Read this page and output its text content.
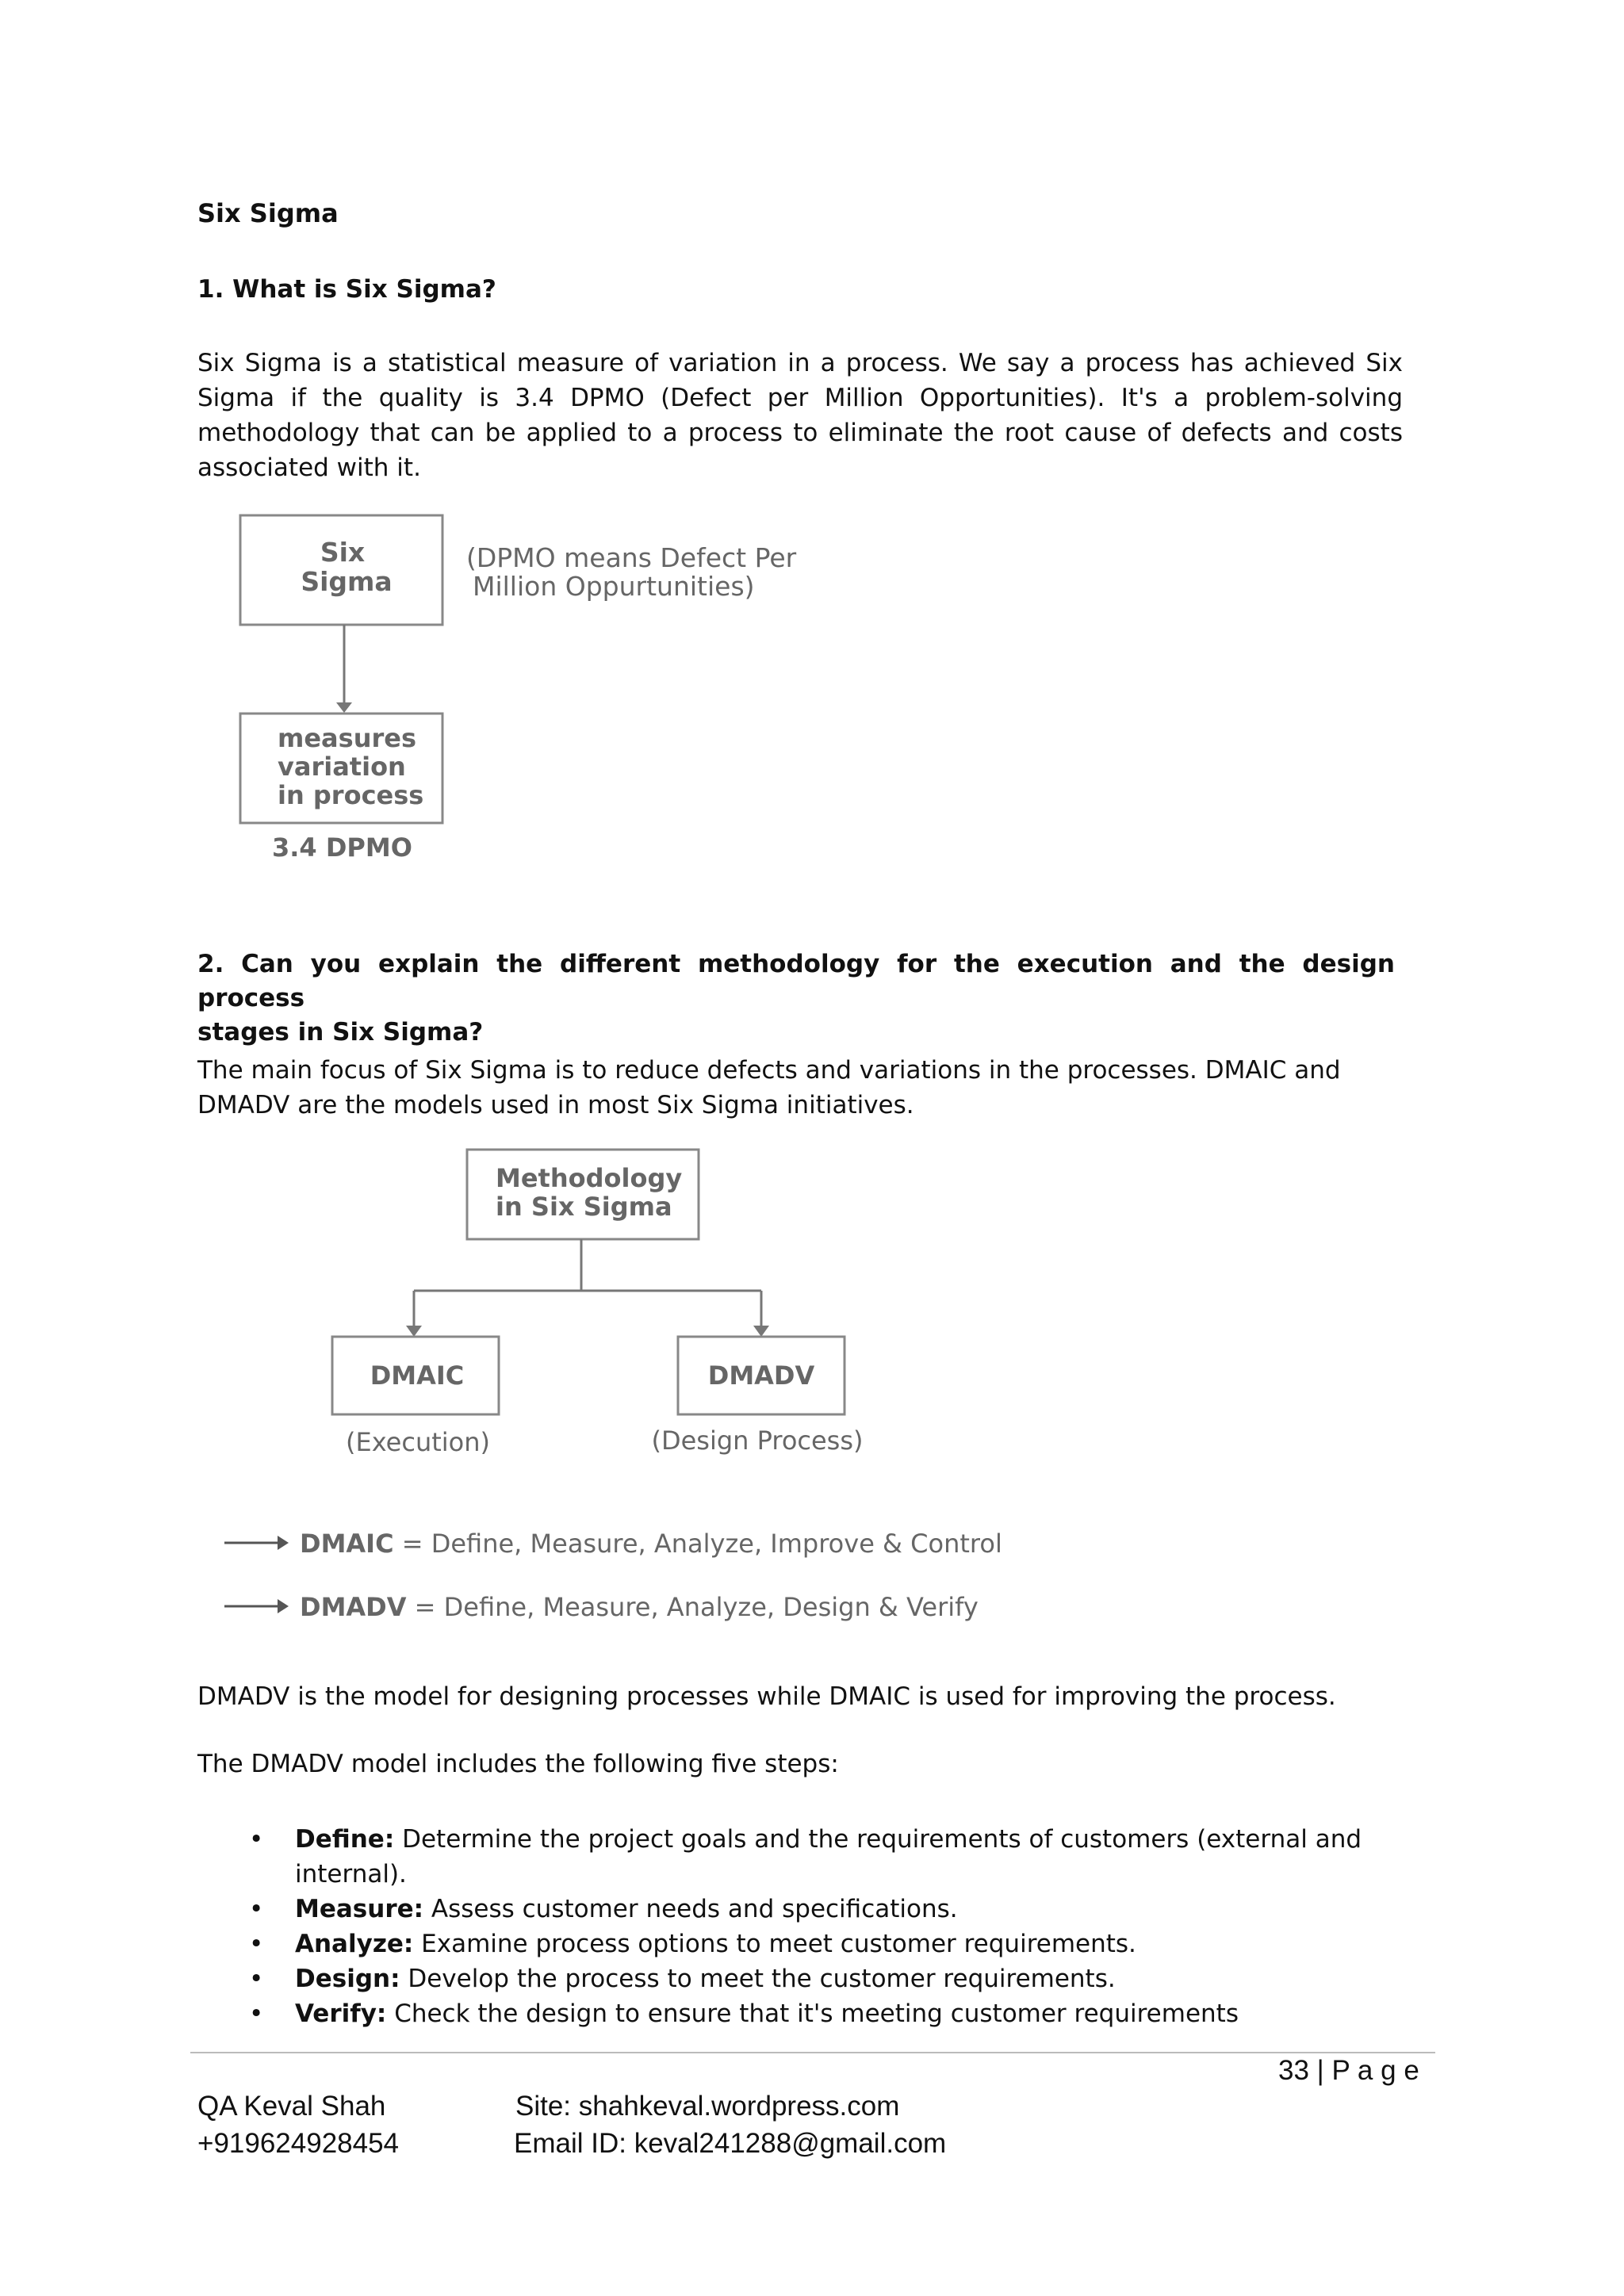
Six Sigma
1. What is Six Sigma?
Six Sigma is a statistical measure of variation in a process. We say a process has achieved Six
Sigma if the quality is 3.4 DPMO (Defect per Million Opportunities). It's a problem-solving
methodology that can be applied to a process to eliminate the root cause of defects and costs
associated with it.
Six
Sigma
(DPMO means Defect Per
Million Oppurtunities)
measures
variation
in process
3.4 DPMO
Methodology
in Six Sigma
DMAIC	DMADV
(Execution)	(Design Process)
DMAIC = Define, Measure, Analyze, Improve & Control
DMADV = Define, Measure, Analyze, Design & Verify
2. Can you explain the different methodology for the execution and the design process
stages in Six Sigma?
The main focus of Six Sigma is to reduce defects and variations in the processes. DMAIC and
DMADV are the models used in most Six Sigma initiatives.
DMADV is the model for designing processes while DMAIC is used for improving the process.
The DMADV model includes the following five steps:
• Define: Determine the project goals and the requirements of customers (external and
internal).
• Measure: Assess customer needs and specifications.
• Analyze: Examine process options to meet customer requirements.
• Design: Develop the process to meet the customer requirements.
• Verify: Check the design to ensure that it's meeting customer requirements
33 | P a g e
QA Keval Shah
+919624928454
Site: shahkeval.wordpress.com
Email ID: keval241288@gmail.com
